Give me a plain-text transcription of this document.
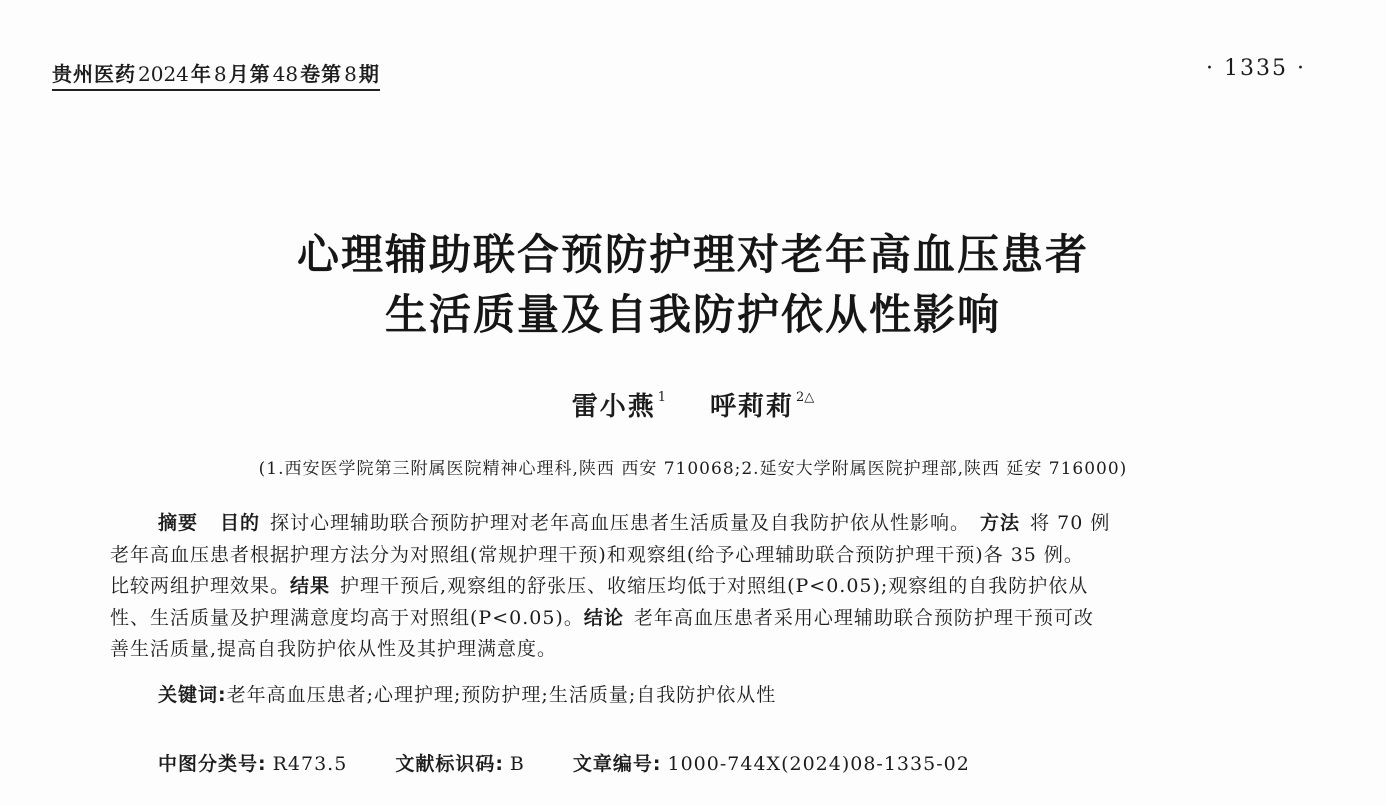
贵州医药 2024 年 8 月第 48 卷第 8 期	· 1335 ·
心理辅助联合预防护理对老年高血压患者
生活质量及自我防护依从性影响
雷小燕 $^1$ 呼莉莉 $^{2\triangle}$
(1.西安医学院第三附属医院精神心理科,陕西 西安 710068;2.延安大学附属医院护理部,陕西 延安 716000)
摘要 目的 探讨心理辅助联合预防护理对老年高血压患者生活质量及自我防护依从性影响。 方法 将 70 例
老年高血压患者根据护理方法分为对照组(常规护理干预)和观察组(给予心理辅助联合预防护理干预)各 35 例。
比较两组护理效果。结果 护理干预后,观察组的舒张压、收缩压均低于对照组(P<0.05);观察组的自我防护依从
性、生活质量及护理满意度均高于对照组(P<0.05)。结论 老年高血压患者采用心理辅助联合预防护理干预可改
善生活质量,提高自我防护依从性及其护理满意度。
关键词:老年高血压患者;心理护理;预防护理;生活质量;自我防护依从性
中图分类号: R473.5	文献标识码: B	文章编号: 1000-744X(2024)08-1335-02
